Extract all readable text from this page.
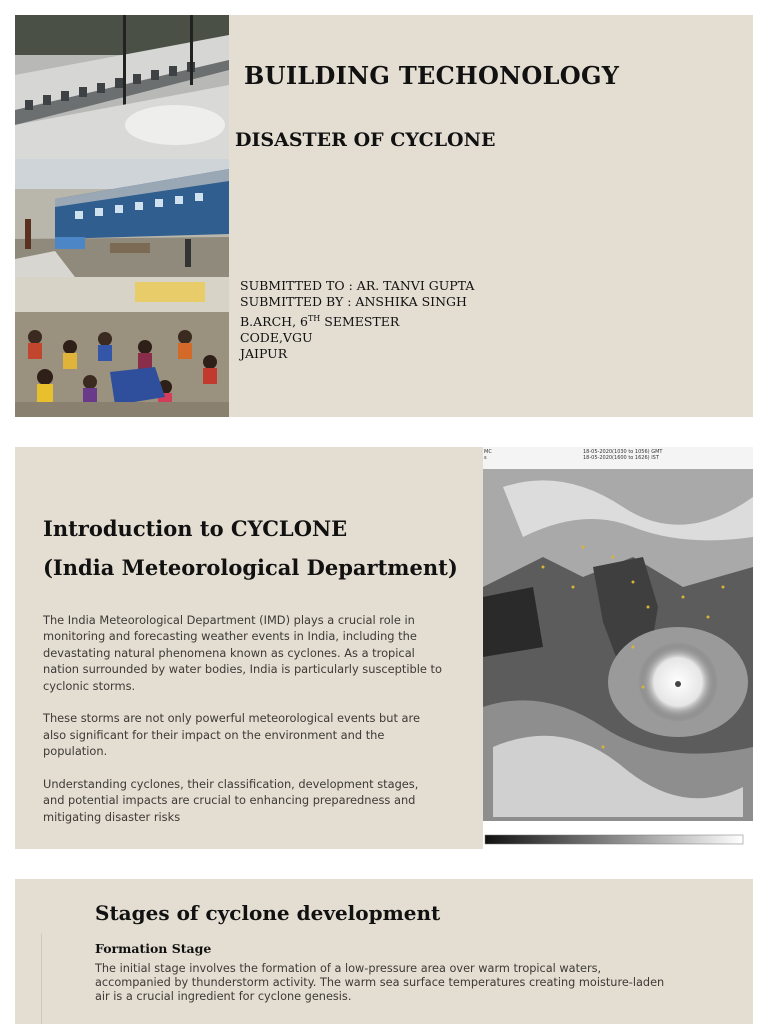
BUILDING TECHONOLOGY
DISASTER OF CYCLONE
SUBMITTED TO : AR. TANVI GUPTA
SUBMITTED BY : ANSHIKA SINGH
B.ARCH, 6TH SEMESTER
CODE,VGU
JAIPUR
Introduction to CYCLONE
(India Meteorological Department)

The India Meteorological Department (IMD) plays a crucial role in monitoring and forecasting weather events in India, including the devastating natural phenomena known as cyclones. As a tropical nation surrounded by water bodies, India is particularly susceptible to cyclonic storms.

These storms are not only powerful meteorological events but are also significant for their impact on the environment and the population.

Understanding cyclones, their classification, development stages, and potential impacts are crucial to enhancing preparedness and mitigating disaster risks

MC
s
18-05-2020(1030 to 1056) GMT
18-05-2020(1600 to 1626) IST
Stages of cyclone development
Formation Stage
The initial stage involves the formation of a low-pressure area over warm tropical waters, accompanied by thunderstorm activity. The warm sea surface temperatures creating moisture-laden air is a crucial ingredient for cyclone genesis.
